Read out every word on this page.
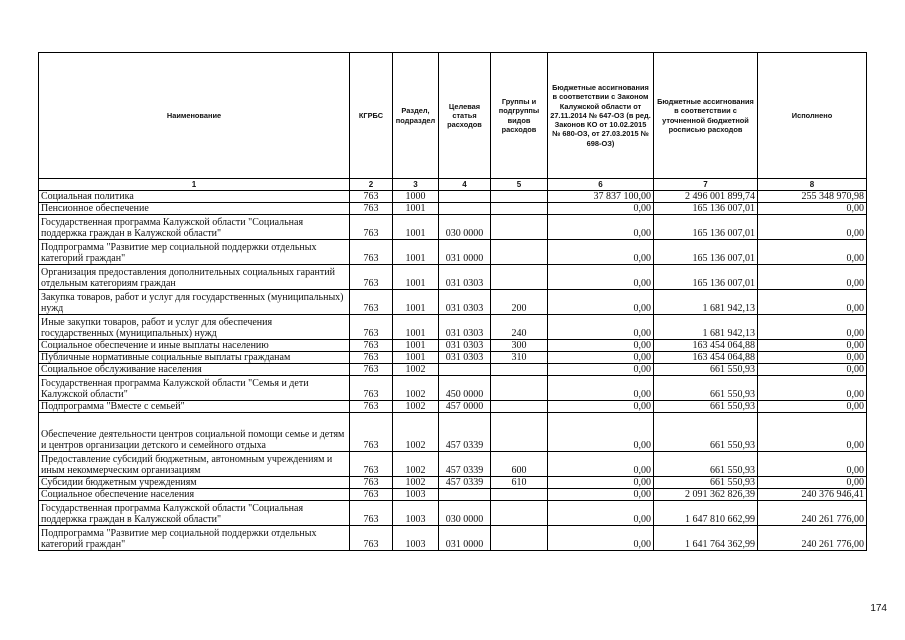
Наименование	КГРБС	Раздел, подраздел	Целевая статья расходов	Группы и подгруппы видов расходов	Бюджетные ассигнования в соответствии с Законом Калужской области от 27.11.2014 № 647-ОЗ (в ред. Законов КО от 10.02.2015 № 680-ОЗ, от 27.03.2015 № 698-ОЗ)	Бюджетные ассигнования в соответствии с уточненной бюджетной росписью расходов	Исполнено
1	2	3	4	5	6	7	8
Социальная политика	763	1000			37 837 100,00	2 496 001 899,74	255 348 970,98
Пенсионное обеспечение	763	1001			0,00	165 136 007,01	0,00
Государственная программа Калужской области "Социальная поддержка граждан в Калужской области"	763	1001	030 0000		0,00	165 136 007,01	0,00
Подпрограмма "Развитие мер социальной поддержки отдельных категорий граждан"	763	1001	031 0000		0,00	165 136 007,01	0,00
Организация предоставления дополнительных социальных гарантий отдельным категориям граждан	763	1001	031 0303		0,00	165 136 007,01	0,00
Закупка товаров, работ и услуг для государственных (муниципальных) нужд	763	1001	031 0303	200	0,00	1 681 942,13	0,00
Иные закупки товаров, работ и услуг для обеспечения государственных (муниципальных) нужд	763	1001	031 0303	240	0,00	1 681 942,13	0,00
Социальное обеспечение и иные выплаты населению	763	1001	031 0303	300	0,00	163 454 064,88	0,00
Публичные нормативные социальные выплаты гражданам	763	1001	031 0303	310	0,00	163 454 064,88	0,00
Социальное обслуживание населения	763	1002			0,00	661 550,93	0,00
Государственная программа Калужской области "Семья и дети Калужской области"	763	1002	450 0000		0,00	661 550,93	0,00
Подпрограмма "Вместе с семьей"	763	1002	457 0000		0,00	661 550,93	0,00
Обеспечение деятельности центров социальной помощи семье и детям и центров организации детского и семейного отдыха	763	1002	457 0339		0,00	661 550,93	0,00
Предоставление субсидий бюджетным, автономным учреждениям и иным некоммерческим организациям	763	1002	457 0339	600	0,00	661 550,93	0,00
Субсидии бюджетным учреждениям	763	1002	457 0339	610	0,00	661 550,93	0,00
Социальное обеспечение населения	763	1003			0,00	2 091 362 826,39	240 376 946,41
Государственная программа Калужской области "Социальная поддержка граждан в Калужской области"	763	1003	030 0000		0,00	1 647 810 662,99	240 261 776,00
Подпрограмма "Развитие мер социальной поддержки отдельных категорий граждан"	763	1003	031 0000		0,00	1 641 764 362,99	240 261 776,00
174
